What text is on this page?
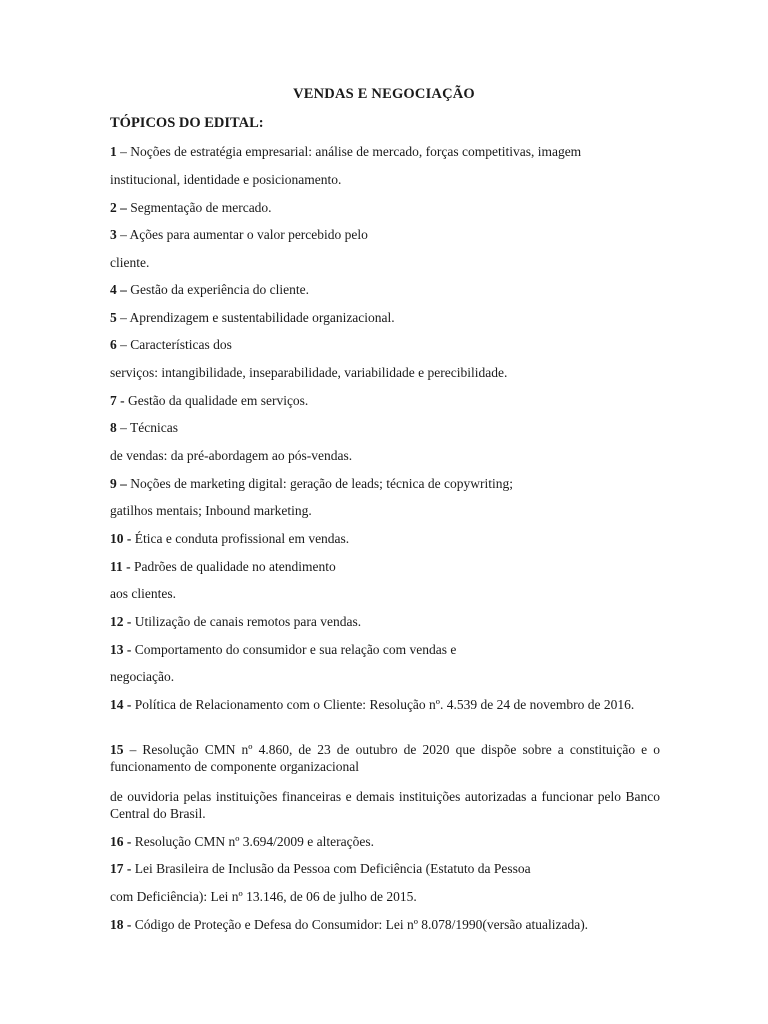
VENDAS E NEGOCIAÇÃO
TÓPICOS DO EDITAL:
1 – Noções de estratégia empresarial: análise de mercado, forças competitivas, imagem
institucional, identidade e posicionamento.
2 – Segmentação de mercado.
3 – Ações para aumentar o valor percebido pelo
cliente.
4 – Gestão da experiência do cliente.
5 – Aprendizagem e sustentabilidade organizacional.
6 – Características dos
serviços: intangibilidade, inseparabilidade, variabilidade e perecibilidade.
7 - Gestão da qualidade em serviços.
8 – Técnicas
de vendas: da pré-abordagem ao pós-vendas.
9 – Noções de marketing digital: geração de leads; técnica de copywriting;
gatilhos mentais; Inbound marketing.
10 - Ética e conduta profissional em vendas.
11 - Padrões de qualidade no atendimento
aos clientes.
12 - Utilização de canais remotos para vendas.
13 - Comportamento do consumidor e sua relação com vendas e
negociação.
14 - Política de Relacionamento com o Cliente: Resolução nº. 4.539 de 24 de novembro de 2016.
15 – Resolução CMN nº 4.860, de 23 de outubro de 2020 que dispõe sobre a constituição e o funcionamento de componente organizacional
de ouvidoria pelas instituições financeiras e demais instituições autorizadas a funcionar pelo Banco Central do Brasil.
16 - Resolução CMN nº 3.694/2009 e alterações.
17 - Lei Brasileira de Inclusão da Pessoa com Deficiência (Estatuto da Pessoa
com Deficiência): Lei nº 13.146, de 06 de julho de 2015.
18 - Código de Proteção e Defesa do Consumidor: Lei nº 8.078/1990(versão atualizada).
